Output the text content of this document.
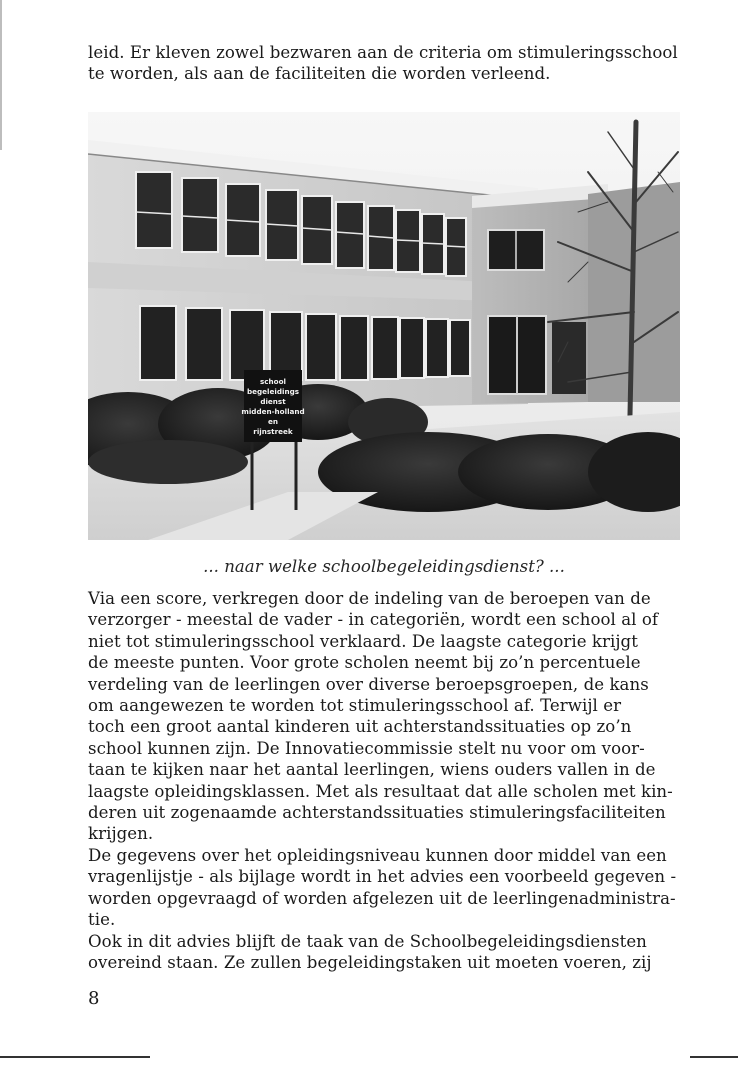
leid. Er kleven zowel bezwaren aan de criteria om stimuleringsschool
te worden, als aan de faciliteiten die worden verleend.
school
begeleidings
dienst
midden-holland
en
rijnstreek
... naar welke schoolbegeleidingsdienst? ...
Via een score, verkregen door de indeling van de beroepen van de
verzorger - meestal de vader - in categoriën, wordt een school al of
niet tot stimuleringsschool verklaard. De laagste categorie krijgt
de meeste punten. Voor grote scholen neemt bij zo’n percentuele
verdeling van de leerlingen over diverse beroepsgroepen, de kans
om aangewezen te worden tot stimuleringsschool af. Terwijl er
toch een groot aantal kinderen uit achterstandssituaties op zo’n
school kunnen zijn. De Innovatiecommissie stelt nu voor om voor-
taan te kijken naar het aantal leerlingen, wiens ouders vallen in de
laagste opleidingsklassen. Met als resultaat dat alle scholen met kin-
deren uit zogenaamde achterstandssituaties stimuleringsfaciliteiten
krijgen.
De gegevens over het opleidingsniveau kunnen door middel van een
vragenlijstje - als bijlage wordt in het advies een voorbeeld gegeven -
worden opgevraagd of worden afgelezen uit de leerlingenadministra-
tie.
Ook in dit advies blijft de taak van de Schoolbegeleidingsdiensten
overeind staan. Ze zullen begeleidingstaken uit moeten voeren, zij
8
